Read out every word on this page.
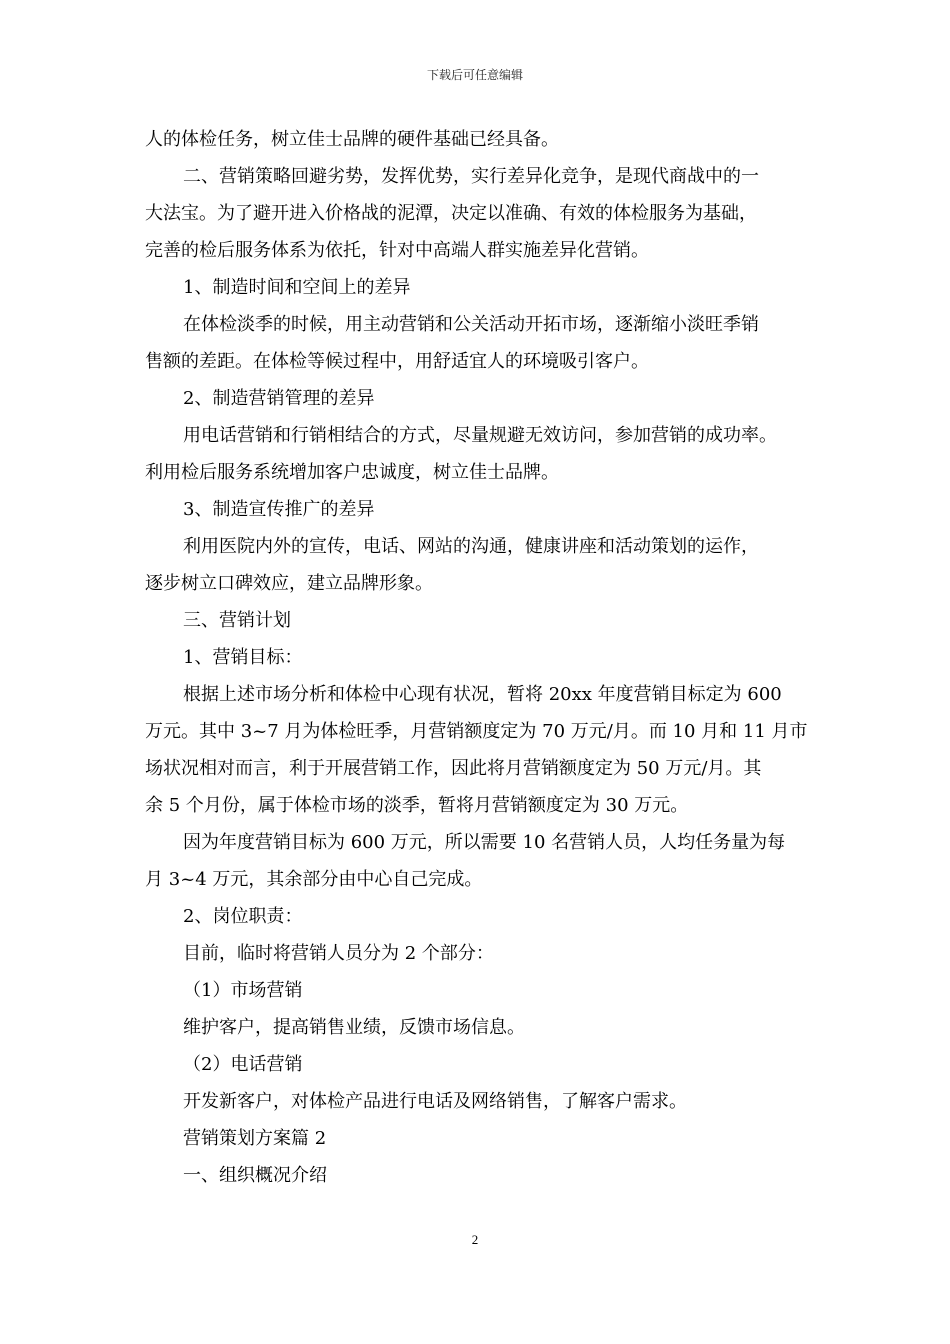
下载后可任意编辑
人的体检任务，树立佳士品牌的硬件基础已经具备。
二、营销策略回避劣势，发挥优势，实行差异化竞争，是现代商战中的一
大法宝。为了避开进入价格战的泥潭，决定以准确、有效的体检服务为基础，
完善的检后服务体系为依托，针对中高端人群实施差异化营销。
1、制造时间和空间上的差异
在体检淡季的时候，用主动营销和公关活动开拓市场，逐渐缩小淡旺季销
售额的差距。在体检等候过程中，用舒适宜人的环境吸引客户。
2、制造营销管理的差异
用电话营销和行销相结合的方式，尽量规避无效访问，参加营销的成功率。
利用检后服务系统增加客户忠诚度，树立佳士品牌。
3、制造宣传推广的差异
利用医院内外的宣传，电话、网站的沟通，健康讲座和活动策划的运作，
逐步树立口碑效应，建立品牌形象。
三、营销计划
1、营销目标：
根据上述市场分析和体检中心现有状况，暂将 20xx 年度营销目标定为 600
万元。其中 3~7 月为体检旺季，月营销额度定为 70 万元/月。而 10 月和 11 月市
场状况相对而言，利于开展营销工作，因此将月营销额度定为 50 万元/月。其
余 5 个月份，属于体检市场的淡季，暂将月营销额度定为 30 万元。
因为年度营销目标为 600 万元，所以需要 10 名营销人员，人均任务量为每
月 3~4 万元，其余部分由中心自己完成。
2、岗位职责：
目前，临时将营销人员分为 2 个部分：
（1）市场营销
维护客户，提高销售业绩，反馈市场信息。
（2）电话营销
开发新客户，对体检产品进行电话及网络销售，了解客户需求。
营销策划方案篇 2
一、组织概况介绍
2
